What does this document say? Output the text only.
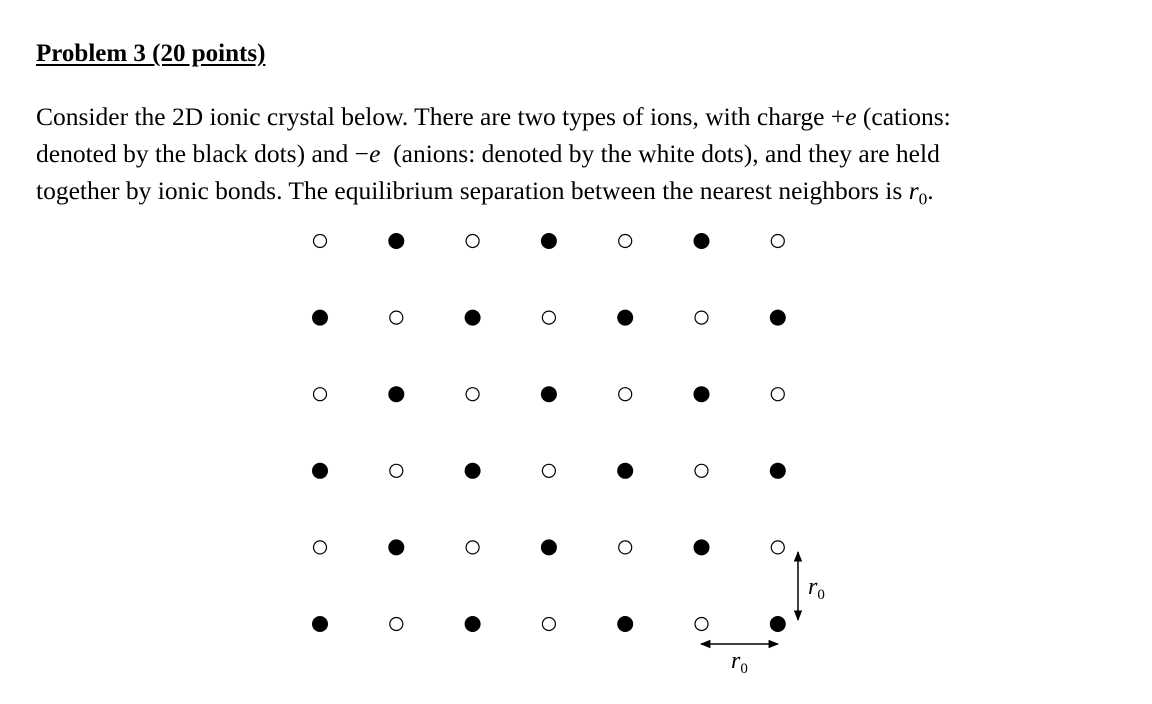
Problem 3 (20 points)
Consider the 2D ionic crystal below. There are two types of ions, with charge +e (cations:
denoted by the black dots) and −e  (anions: denoted by the white dots), and they are held
together by ionic bonds. The equilibrium separation between the nearest neighbors is $r_0$.
$r_0$
$r_0$
